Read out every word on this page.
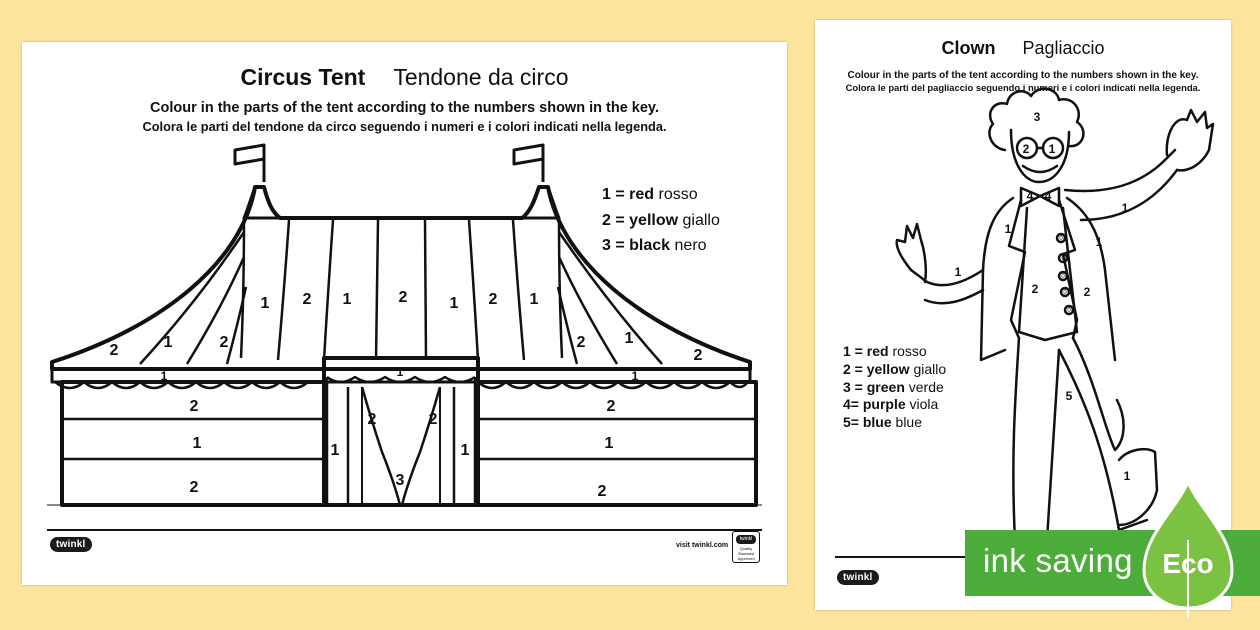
Circus Tent Tendone da circo
Colour in the parts of the tent according to the numbers shown in the key.
Colora le parti del tendone da circo seguendo i numeri e i colori indicati nella legenda.
1 2 1	2	1 2 1
2	1	2	2 1
2
1	1	1
2
1
2
2
1
2
2	2
1	1
3
1 = red rosso
2 = yellow giallo
3 = black nero
twinkl	visit twinkl.com
twinkl
Quality Standard Approved
Clown Pagliaccio
Colour in the parts of the tent according to the numbers shown in the key.
Colora le parti del pagliaccio seguendo i numeri e i colori indicati nella legenda.
3
2 1
4 4
1
1
1
1
2	2
5
1
0
0
0
0
0
1 = red rosso
2 = yellow giallo
3 = green verde
4= purple viola
5= blue blue
twinkl	ink saving Eco
